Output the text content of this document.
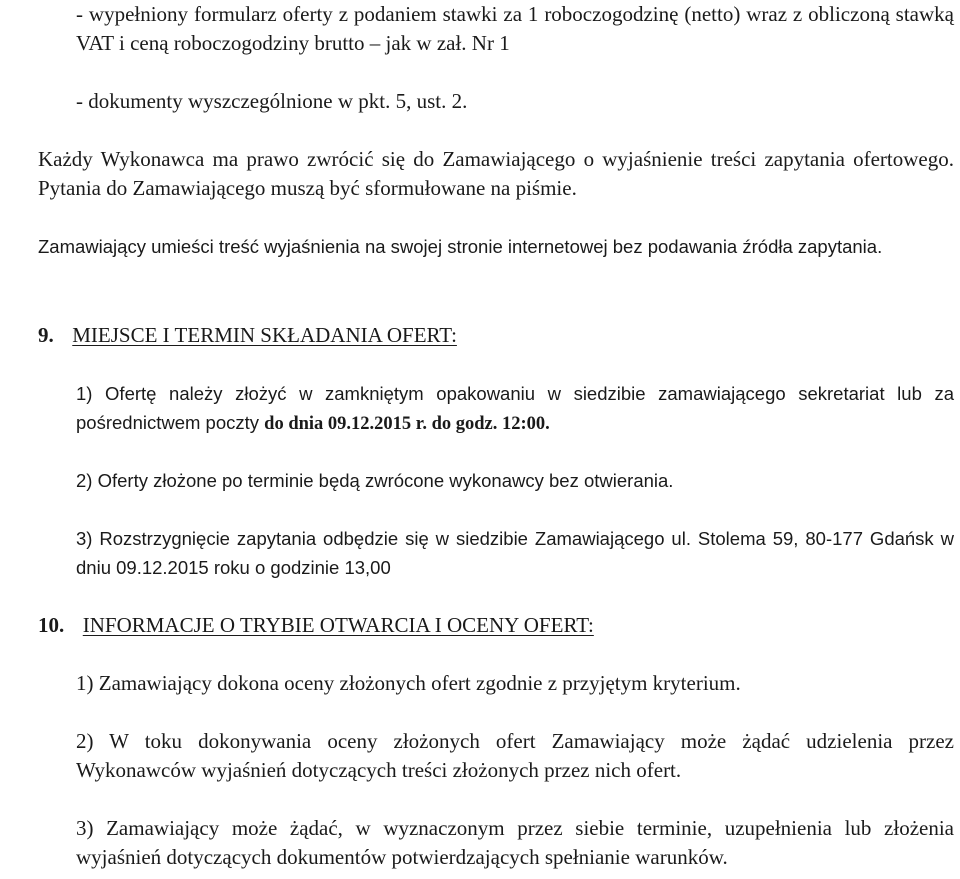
- wypełniony formularz oferty z podaniem stawki za 1 roboczogodzinę (netto) wraz z obliczoną stawką VAT i ceną roboczogodziny brutto – jak w zał. Nr 1

- dokumenty wyszczególnione w pkt. 5, ust. 2.

Każdy Wykonawca ma prawo zwrócić się do Zamawiającego o wyjaśnienie treści zapytania ofertowego. Pytania do Zamawiającego muszą być sformułowane na piśmie.

Zamawiający umieści treść wyjaśnienia na swojej stronie internetowej bez podawania źródła zapytania.

9. MIEJSCE I TERMIN SKŁADANIA OFERT:

1) Ofertę należy złożyć w zamkniętym opakowaniu w siedzibie zamawiającego sekretariat lub za pośrednictwem poczty do dnia 09.12.2015 r. do godz. 12:00.

2) Oferty złożone po terminie będą zwrócone wykonawcy bez otwierania.

3) Rozstrzygnięcie zapytania odbędzie się w siedzibie Zamawiającego ul. Stolema 59, 80-177 Gdańsk w dniu 09.12.2015 roku o godzinie 13,00

10. INFORMACJE O TRYBIE OTWARCIA I OCENY OFERT:

1) Zamawiający dokona oceny złożonych ofert zgodnie z przyjętym kryterium.

2) W toku dokonywania oceny złożonych ofert Zamawiający może żądać udzielenia przez Wykonawców wyjaśnień dotyczących treści złożonych przez nich ofert.

3) Zamawiający może żądać, w wyznaczonym przez siebie terminie, uzupełnienia lub złożenia wyjaśnień dotyczących dokumentów potwierdzających spełnianie warunków.
